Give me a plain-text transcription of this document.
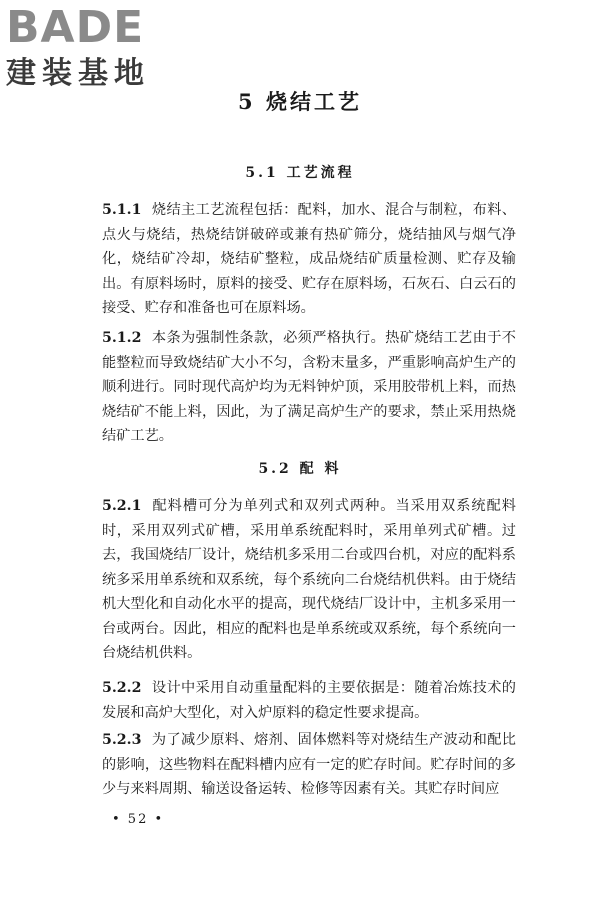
BADE
建装基地
5 烧结工艺
5.1 工艺流程
5.1.1 烧结主工艺流程包括：配料，加水、混合与制粒，布料、点火与烧结，热烧结饼破碎或兼有热矿筛分，烧结抽风与烟气净化，烧结矿冷却，烧结矿整粒，成品烧结矿质量检测、贮存及输出。有原料场时，原料的接受、贮存在原料场，石灰石、白云石的接受、贮存和准备也可在原料场。
5.1.2 本条为强制性条款，必须严格执行。热矿烧结工艺由于不能整粒而导致烧结矿大小不匀，含粉末量多，严重影响高炉生产的顺利进行。同时现代高炉均为无料钟炉顶，采用胶带机上料，而热烧结矿不能上料，因此，为了满足高炉生产的要求，禁止采用热烧结矿工艺。
5.2 配 料
5.2.1 配料槽可分为单列式和双列式两种。当采用双系统配料时，采用双列式矿槽，采用单系统配料时，采用单列式矿槽。过去，我国烧结厂设计，烧结机多采用二台或四台机，对应的配料系统多采用单系统和双系统，每个系统向二台烧结机供料。由于烧结机大型化和自动化水平的提高，现代烧结厂设计中，主机多采用一台或两台。因此，相应的配料也是单系统或双系统，每个系统向一台烧结机供料。
5.2.2 设计中采用自动重量配料的主要依据是：随着冶炼技术的发展和高炉大型化，对入炉原料的稳定性要求提高。
5.2.3 为了减少原料、熔剂、固体燃料等对烧结生产波动和配比的影响，这些物料在配料槽内应有一定的贮存时间。贮存时间的多少与来料周期、输送设备运转、检修等因素有关。其贮存时间应
• 52 •
